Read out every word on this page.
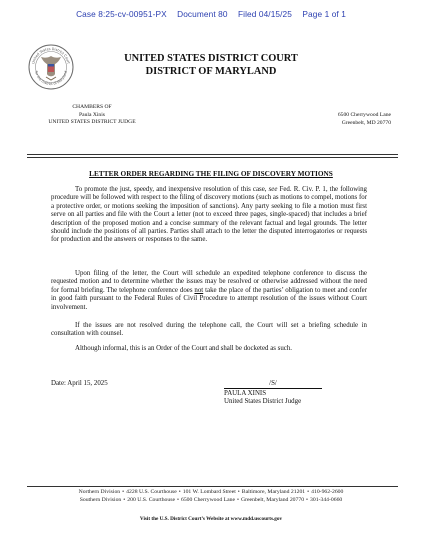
Case 8:25-cv-00951-PX Document 80 Filed 04/15/25 Page 1 of 1
United States District Court
for the District of Maryland
UNITED STATES DISTRICT COURT
DISTRICT OF MARYLAND
CHAMBERS OF
Paula Xinis
UNITED STATES DISTRICT JUDGE
6500 Cherrywood Lane
Greenbelt, MD 20770
LETTER ORDER REGARDING THE FILING OF DISCOVERY MOTIONS
To promote the just, speedy, and inexpensive resolution of this case, see Fed. R. Civ. P. 1, the following procedure will be followed with respect to the filing of discovery motions (such as motions to compel, motions for a protective order, or motions seeking the imposition of sanctions). Any party seeking to file a motion must first serve on all parties and file with the Court a letter (not to exceed three pages, single-spaced) that includes a brief description of the proposed motion and a concise summary of the relevant factual and legal grounds. The letter should include the positions of all parties. Parties shall attach to the letter the disputed interrogatories or requests for production and the answers or responses to the same.
Upon filing of the letter, the Court will schedule an expedited telephone conference to discuss the requested motion and to determine whether the issues may be resolved or otherwise addressed without the need for formal briefing. The telephone conference does not take the place of the parties’ obligation to meet and confer in good faith pursuant to the Federal Rules of Civil Procedure to attempt resolution of the issues without Court involvement.
If the issues are not resolved during the telephone call, the Court will set a briefing schedule in consultation with counsel.
Although informal, this is an Order of the Court and shall be docketed as such.
Date: April 15, 2025	/S/
PAULA XINIS
United States District Judge
Northern Division • 4228 U.S. Courthouse • 101 W. Lombard Street • Baltimore, Maryland 21201 • 410-962-2600
Southern Division • 200 U.S. Courthouse • 6500 Cherrywood Lane • Greenbelt, Maryland 20770 • 301-344-0660
Visit the U.S. District Court’s Website at www.mdd.uscourts.gov
